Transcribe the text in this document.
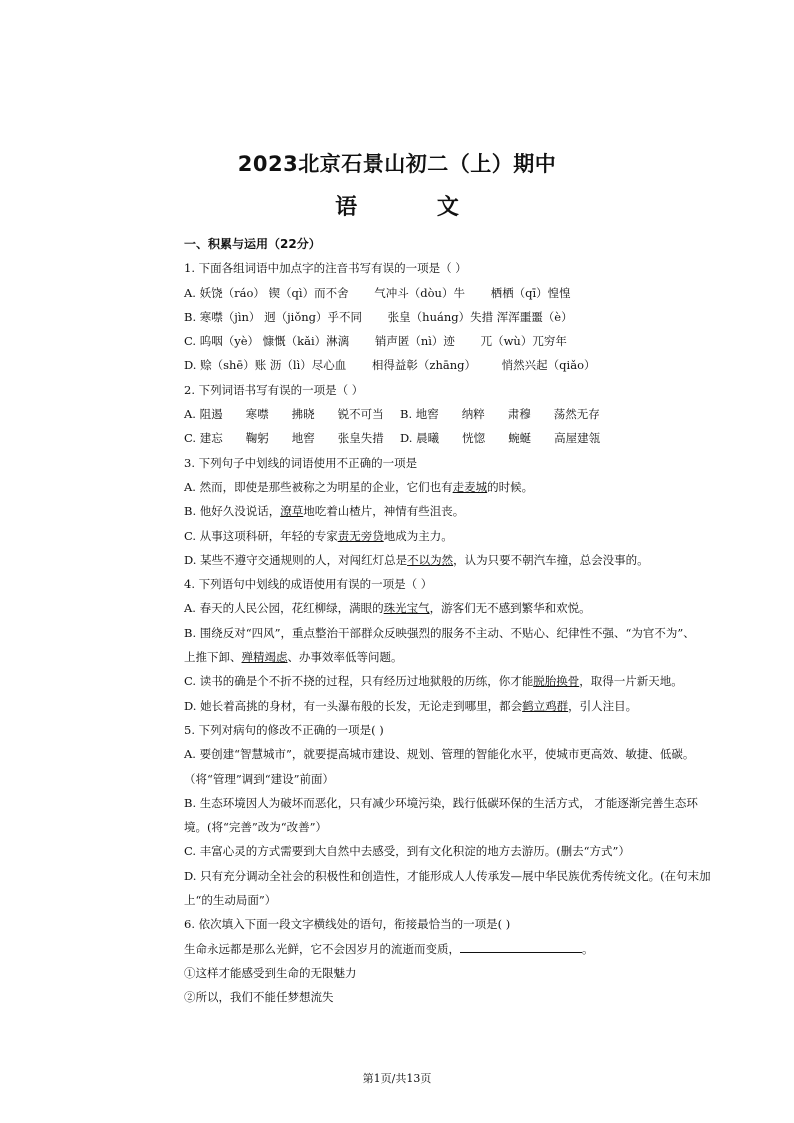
2023北京石景山初二（上）期中
语 文
一、积累与运用（22分）
1. 下面各组词语中加点字的注音书写有误的一项是（ ）
A. 妖饶（ráo） 锲（qì）而不舍 气冲斗（dòu）牛 栖栖（qī）惶惶
B. 寒噤（jìn） 迥（jiǒng）乎不同 张皇（huáng）失措 浑浑噩噩（è）
C. 呜咽（yè） 慷慨（kǎi）淋漓 销声匿（nì）迹 兀（wù）兀穷年
D. 赊（shē）账 沥（lì）尽心血 相得益彰（zhāng） 悄然兴起（qiǎo）
2. 下列词语书写有误的一项是（ ）
A. 阻遏　　寒噤　　拂晓　　锐不可当	B. 地窖　　纳粹　　肃穆　　荡然无存
C. 建忘　　鞠躬　　地窖　　张皇失措	D. 晨曦　　恍惚　　蜿蜒　　高屋建瓴
3. 下列句子中划线的词语使用不正确的一项是
A. 然而，即使是那些被称之为明星的企业，它们也有走麦城的时候。
B. 他好久没说话，潦草地吃着山楂片，神情有些沮丧。
C. 从事这项科研，年轻的专家责无旁贷地成为主力。
D. 某些不遵守交通规则的人，对闯红灯总是不以为然，认为只要不朝汽车撞，总会没事的。
4. 下列语句中划线的成语使用有误的一项是（ ）
A. 春天的人民公园，花红柳绿，满眼的珠光宝气，游客们无不感到繁华和欢悦。
B. 围绕反对“四风”，重点整治干部群众反映强烈的服务不主动、不贴心、纪律性不强、“为官不为”、
上推下卸、殚精竭虑、办事效率低等问题。
C. 读书的确是个不折不挠的过程，只有经历过地狱般的历练，你才能脱胎换骨，取得一片新天地。
D. 她长着高挑的身材，有一头瀑布般的长发，无论走到哪里，都会鹤立鸡群，引人注目。
5. 下列对病句的修改不正确的一项是( )
A. 要创建“智慧城市”，就要提高城市建设、规划、管理的智能化水平，使城市更高效、敏捷、低碳。
（将“管理”调到“建设”前面）
B. 生态环境因人为破坏而恶化，只有减少环境污染，践行低碳环保的生活方式， 才能逐渐完善生态环
境。(将“完善”改为“改善”）
C. 丰富心灵的方式需要到大自然中去感受，到有文化积淀的地方去游历。(删去“方式”）
D. 只有充分调动全社会的积极性和创造性，才能形成人人传承发—展中华民族优秀传统文化。(在句末加
上“的生动局面”）
6. 依次填入下面一段文字横线处的语句，衔接最恰当的一项是( )
生命永远都是那么光鲜，它不会因岁月的流逝而变质，	。
①这样才能感受到生命的无限魅力
②所以，我们不能任梦想流失
第1页/共13页
